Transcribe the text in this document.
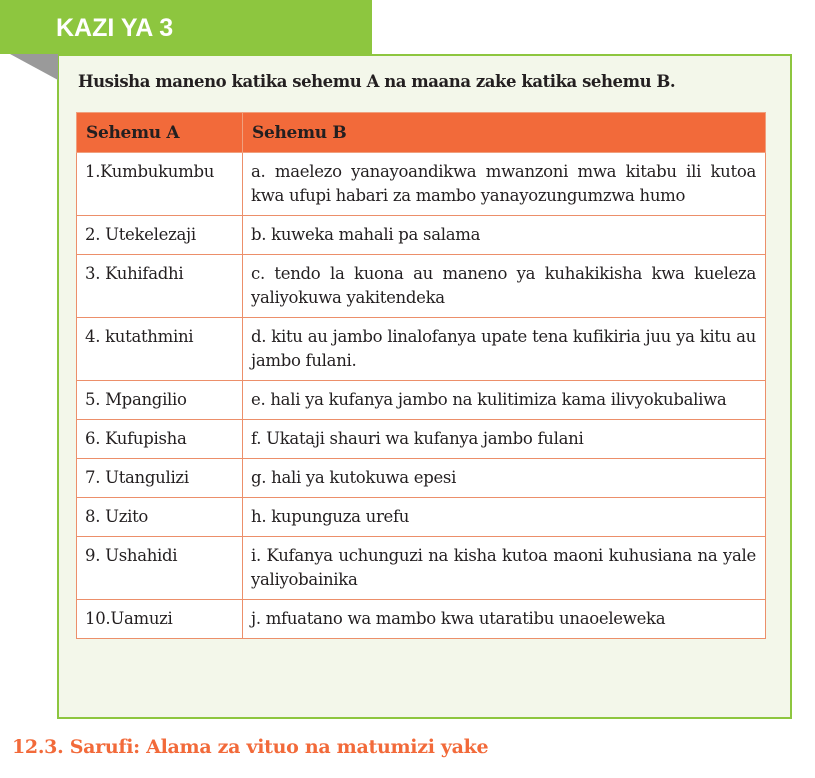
KAZI YA 3

Husisha maneno katika sehemu A na maana zake katika sehemu B.

Sehemu A	Sehemu B
1.Kumbukumbu	a. maelezo yanayoandikwa mwanzoni mwa kitabu ili kutoa kwa ufupi habari za mambo yanayozungumzwa humo
2. Utekelezaji	b. kuweka mahali pa salama
3. Kuhifadhi	c. tendo la kuona au maneno ya kuhakikisha kwa kueleza yaliyokuwa yakitendeka
4. kutathmini	d. kitu au jambo linalofanya upate tena kufikiria juu ya kitu au jambo fulani.
5. Mpangilio	e. hali ya kufanya jambo na kulitimiza kama ilivyokubaliwa
6. Kufupisha	f. Ukataji shauri wa kufanya jambo fulani
7. Utangulizi	g. hali ya kutokuwa epesi
8. Uzito	h. kupunguza urefu
9. Ushahidi	i. Kufanya uchunguzi na kisha kutoa maoni kuhusiana na yale yaliyobainika
10.Uamuzi	j. mfuatano wa mambo kwa utaratibu unaoeleweka
12.3. Sarufi: Alama za vituo na matumizi yake
